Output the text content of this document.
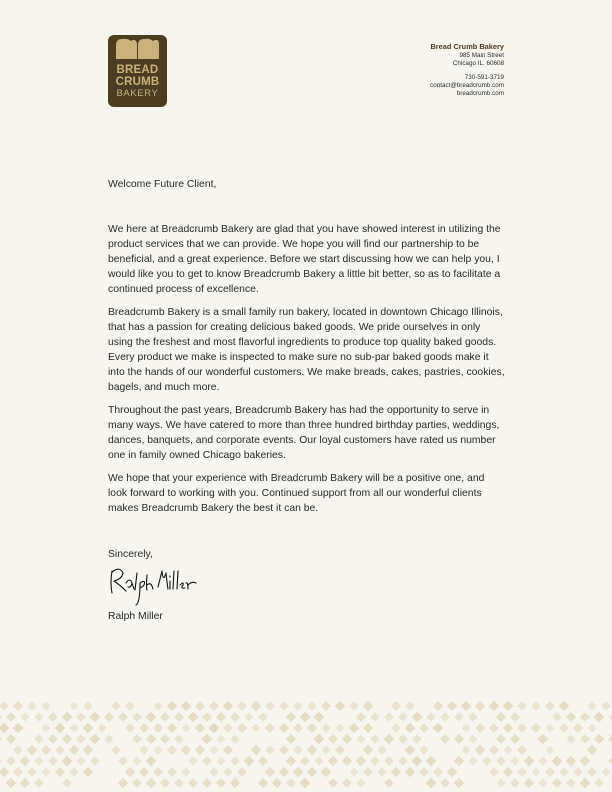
BREAD
CRUMB
BAKERY
Bread Crumb Bakery
985 Main Street
Chicago IL. 60608
730-591-3719
contact@breadcrumb.com
breadcrumb.com
Welcome Future Client,

We here at Breadcrumb Bakery are glad that you have showed interest in utilizing the product services that we can provide. We hope you will find our partnership to be beneficial, and a great experience. Before we start discussing how we can help you, I would like you to get to know Breadcrumb Bakery a little bit better, so as to facilitate a continued process of excellence.

Breadcrumb Bakery is a small family run bakery, located in downtown Chicago Illinois, that has a passion for creating delicious baked goods. We pride ourselves in only using the freshest and most flavorful ingredients to produce top quality baked goods. Every product we make is inspected to make sure no sub-par baked goods make it into the hands of our wonderful customers. We make breads, cakes, pastries, cookies, bagels, and much more.

Throughout the past years, Breadcrumb Bakery has had the opportunity to serve in many ways. We have catered to more than three hundred birthday parties, weddings, dances, banquets, and corporate events. Our loyal customers have rated us number one in family owned Chicago bakeries.

We hope that your experience with Breadcrumb Bakery will be a positive one, and look forward to working with you. Continued support from all our wonderful clients makes Breadcrumb Bakery the best it can be.

Sincerely,
Ralph Miller
